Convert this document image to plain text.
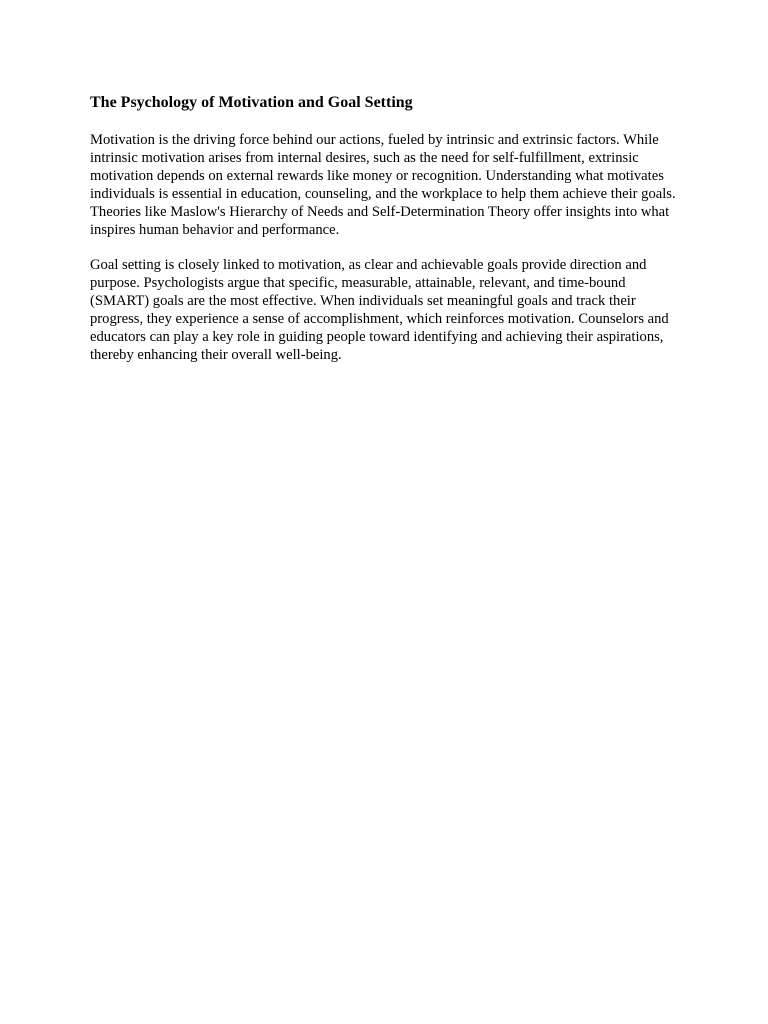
The Psychology of Motivation and Goal Setting

Motivation is the driving force behind our actions, fueled by intrinsic and extrinsic factors. While intrinsic motivation arises from internal desires, such as the need for self-fulfillment, extrinsic motivation depends on external rewards like money or recognition. Understanding what motivates individuals is essential in education, counseling, and the workplace to help them achieve their goals. Theories like Maslow's Hierarchy of Needs and Self-Determination Theory offer insights into what inspires human behavior and performance.

Goal setting is closely linked to motivation, as clear and achievable goals provide direction and purpose. Psychologists argue that specific, measurable, attainable, relevant, and time-bound (SMART) goals are the most effective. When individuals set meaningful goals and track their progress, they experience a sense of accomplishment, which reinforces motivation. Counselors and educators can play a key role in guiding people toward identifying and achieving their aspirations, thereby enhancing their overall well-being.
